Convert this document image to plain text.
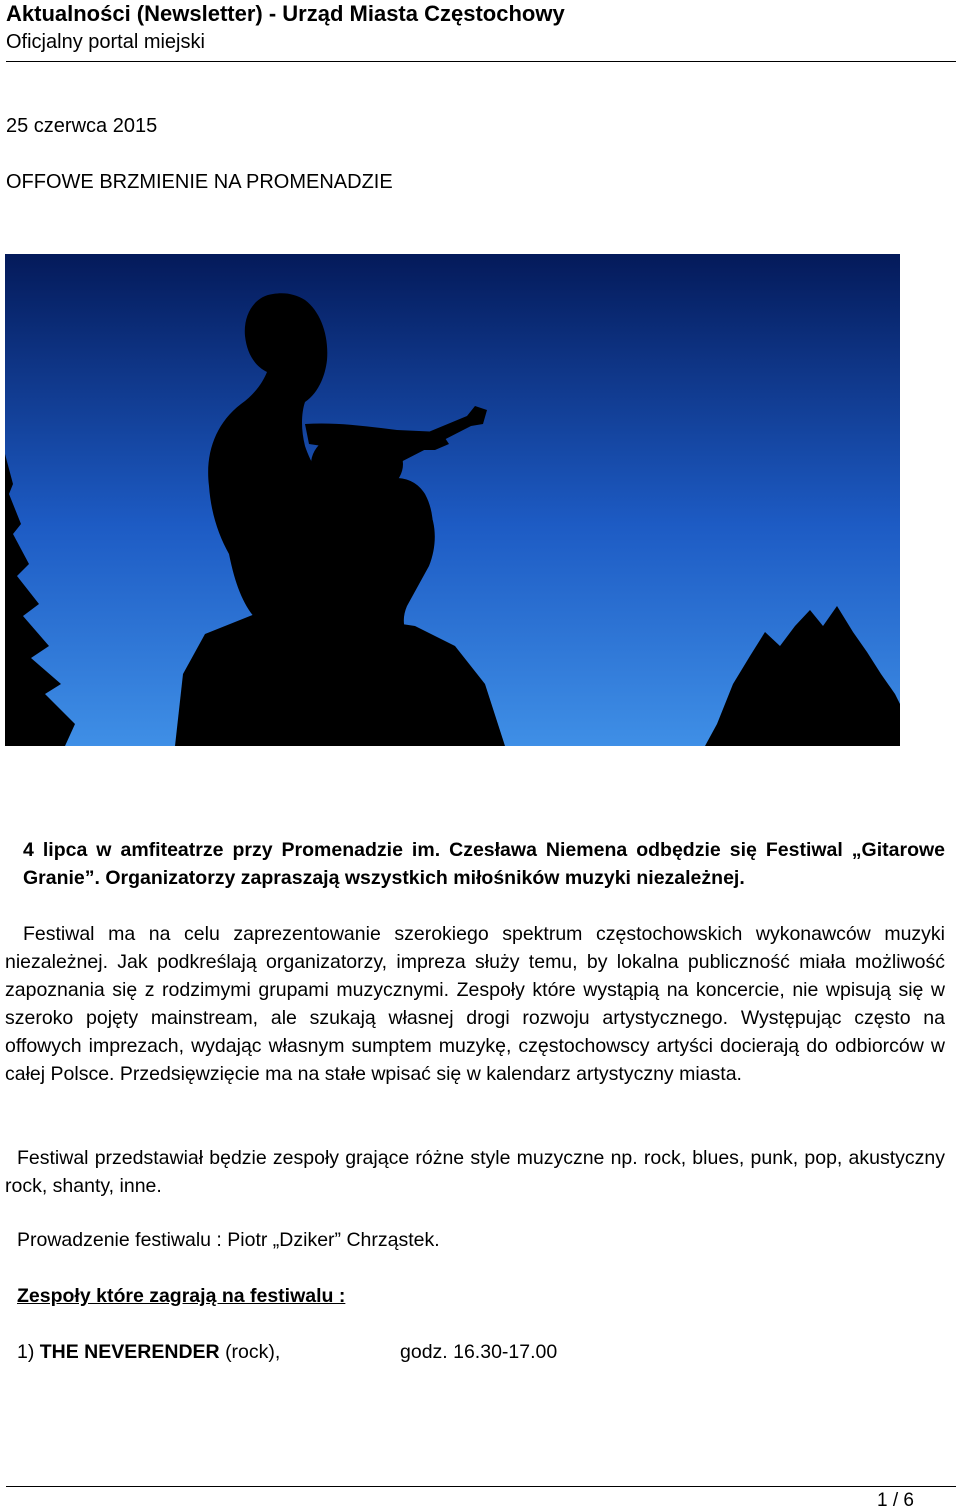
Aktualności (Newsletter) - Urząd Miasta Częstochowy
Oficjalny portal miejski
25 czerwca 2015
OFFOWE BRZMIENIE NA PROMENADZIE
4 lipca w amfiteatrze przy Promenadzie im. Czesława Niemena odbędzie się Festiwal „Gitarowe Granie”. Organizatorzy zapraszają wszystkich miłośników muzyki niezależnej.
Festiwal ma na celu zaprezentowanie szerokiego spektrum częstochowskich wykonawców muzyki niezależnej. Jak podkreślają organizatorzy, impreza służy temu, by lokalna publiczność miała możliwość zapoznania się z rodzimymi grupami muzycznymi. Zespoły które wystąpią na koncercie, nie wpisują się w szeroko pojęty mainstream, ale szukają własnej drogi rozwoju artystycznego. Występując często na offowych imprezach, wydając własnym sumptem muzykę, częstochowscy artyści docierają do odbiorców w całej Polsce. Przedsięwzięcie ma na stałe wpisać się w kalendarz artystyczny miasta.
Festiwal przedstawiał będzie zespoły grające różne style muzyczne np. rock, blues, punk, pop, akustyczny rock, shanty, inne.
Prowadzenie festiwalu : Piotr „Dziker” Chrząstek.
Zespoły które zagrają na festiwalu :
1) THE NEVERENDER (rock),	godz. 16.30-17.00
1 / 6
